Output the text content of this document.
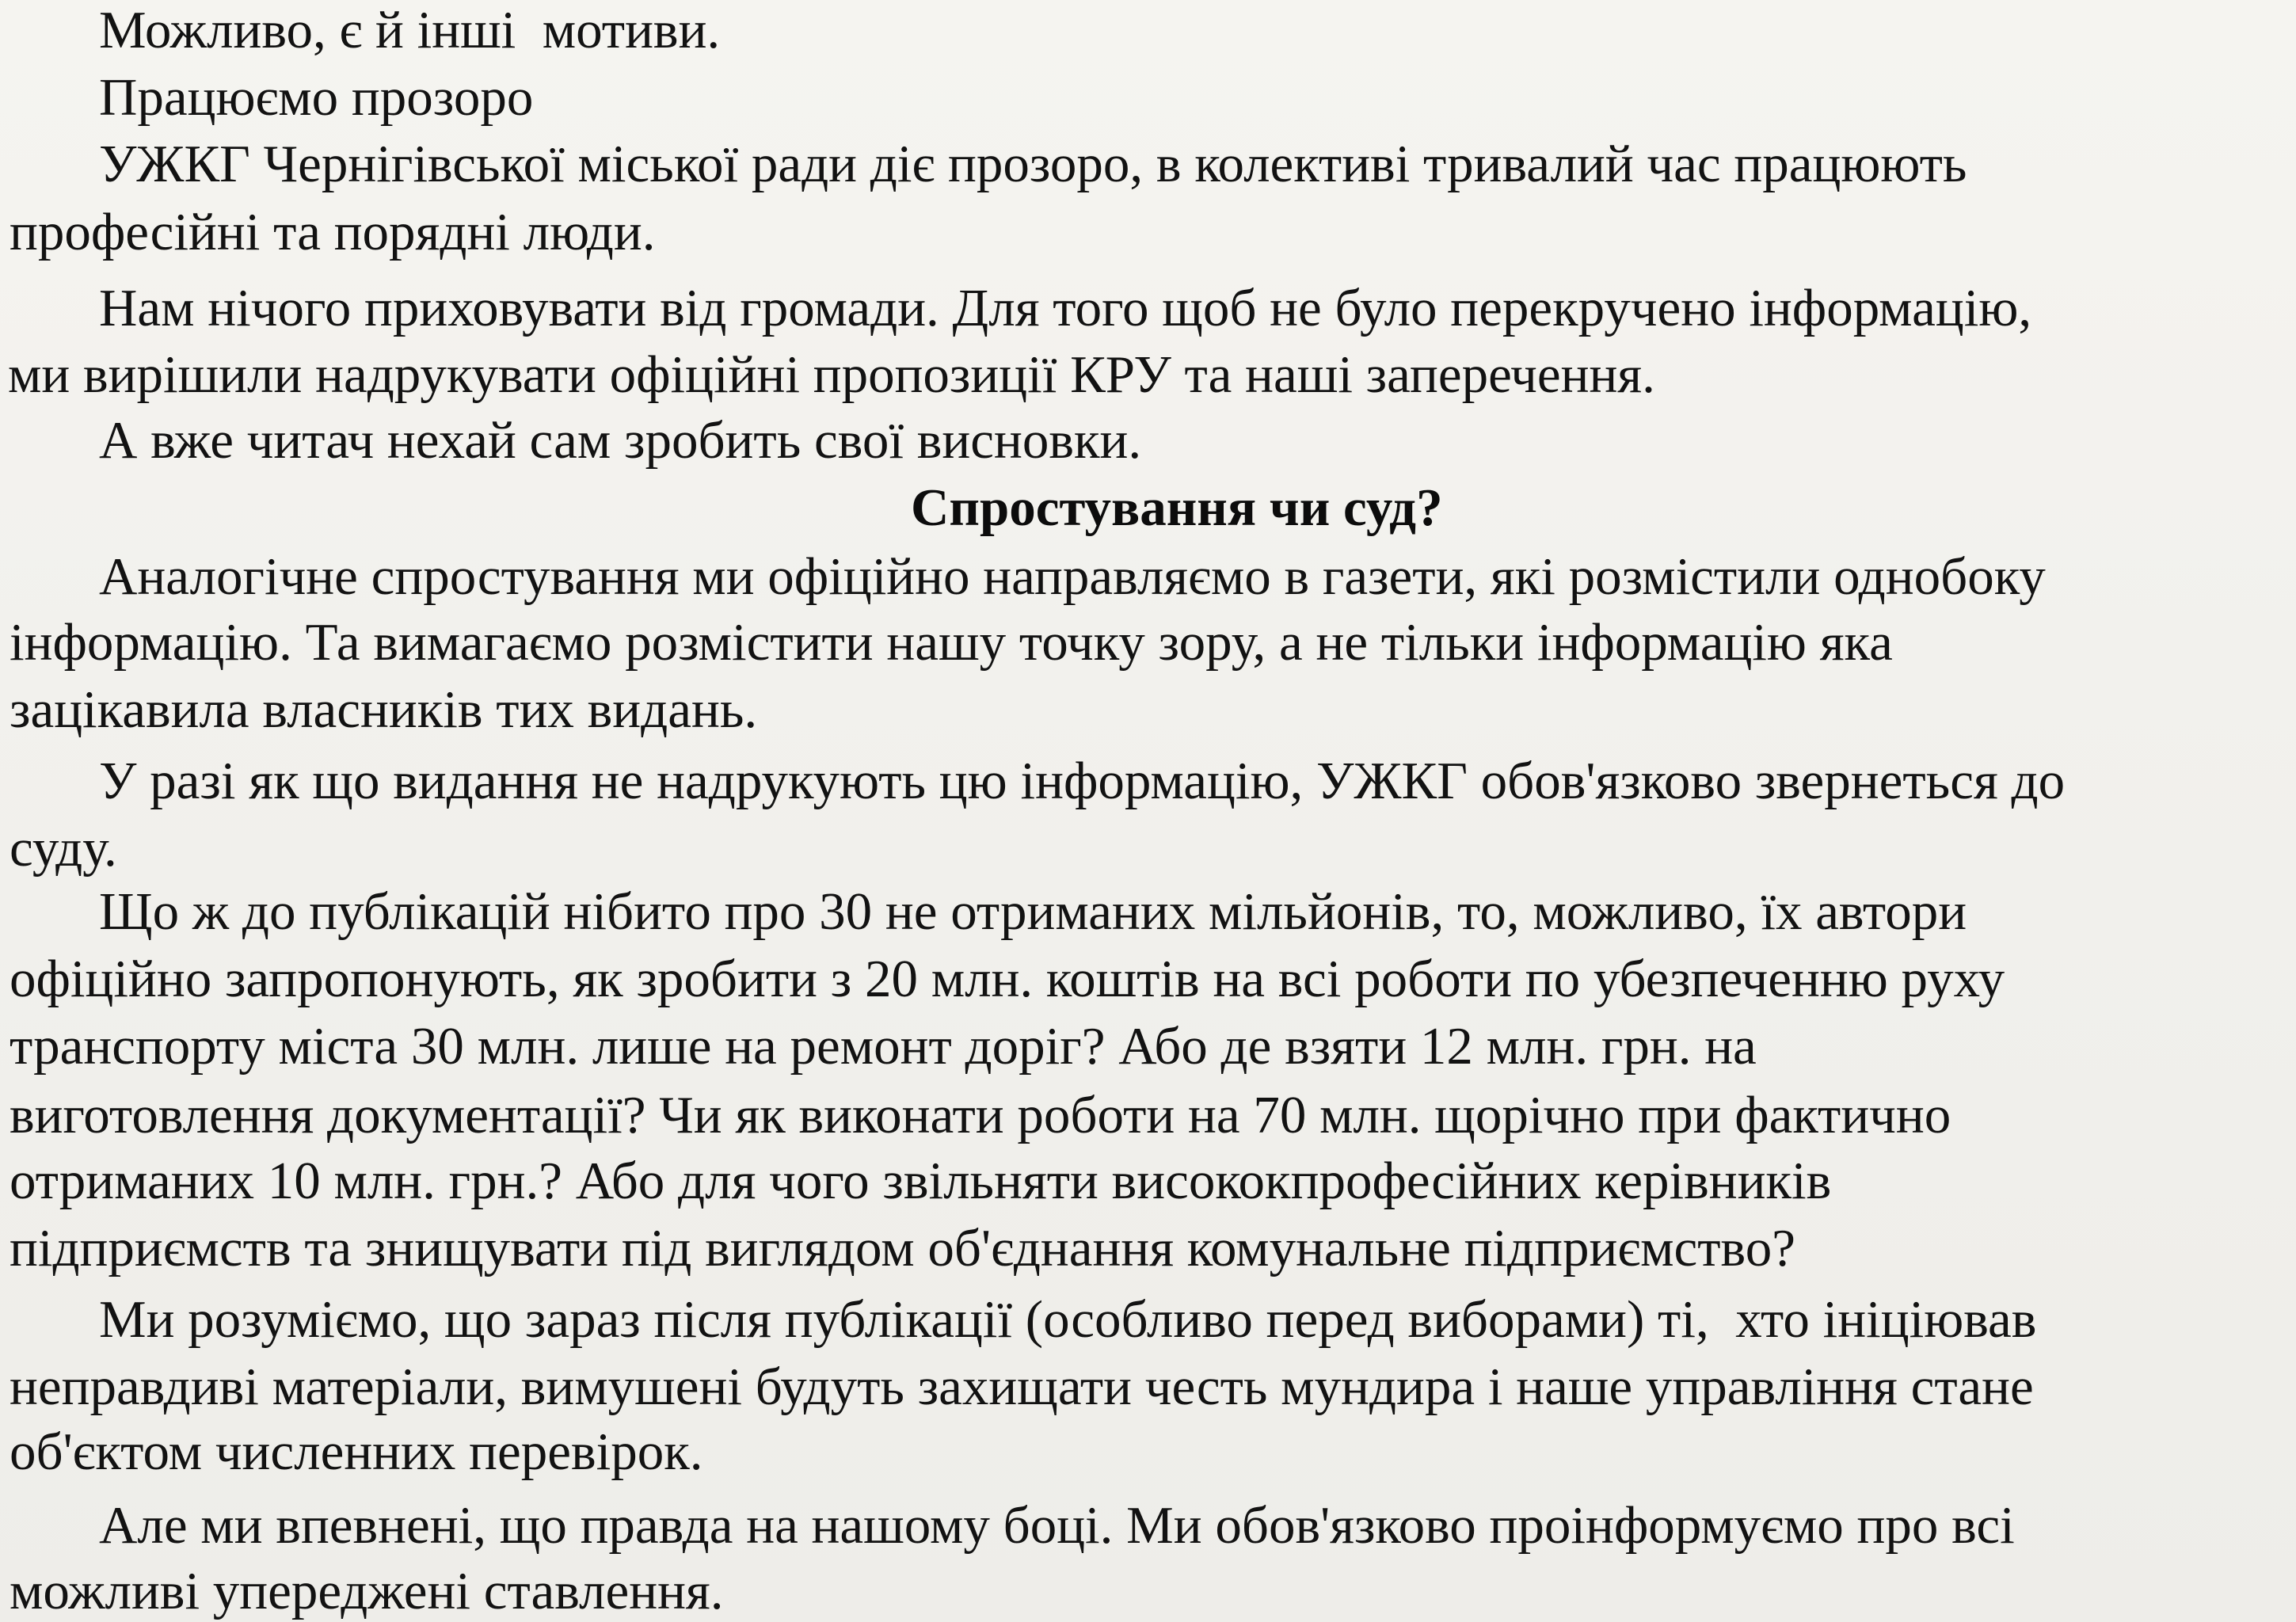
Можливо, є й інші  мотиви.

Працюємо прозоро

УЖКГ Чернігівської міської ради діє прозоро, в колективі тривалий час працюють

професійні та порядні люди.

Нам нічого приховувати від громади. Для того щоб не було перекручено інформацію,

ми вирішили надрукувати офіційні пропозиції КРУ та наші заперечення.

А вже читач нехай сам зробить свої висновки.

Спростування чи суд?

Аналогічне спростування ми офіційно направляємо в газети, які розмістили однобоку

інформацію. Та вимагаємо розмістити нашу точку зору, а не тільки інформацію яка

зацікавила власників тих видань.

У разі як що видання не надрукують цю інформацію, УЖКГ обов'язково звернеться до

суду.

Що ж до публікацій нібито про 30 не отриманих мільйонів, то, можливо, їх автори

офіційно запропонують, як зробити з 20 млн. коштів на всі роботи по убезпеченню руху

транспорту міста 30 млн. лише на ремонт доріг? Або де взяти 12 млн. грн. на

виготовлення документації? Чи як виконати роботи на 70 млн. щорічно при фактично

отриманих 10 млн. грн.? Або для чого звільняти висококпрофесійних керівників

підприємств та знищувати під виглядом об'єднання комунальне підприємство?

Ми розуміємо, що зараз після публікації (особливо перед виборами) ті,  хто ініціював

неправдиві матеріали, вимушені будуть захищати честь мундира і наше управління стане

об'єктом численних перевірок.

Але ми впевнені, що правда на нашому боці. Ми обов'язково проінформуємо про всі

можливі упереджені ставлення.
